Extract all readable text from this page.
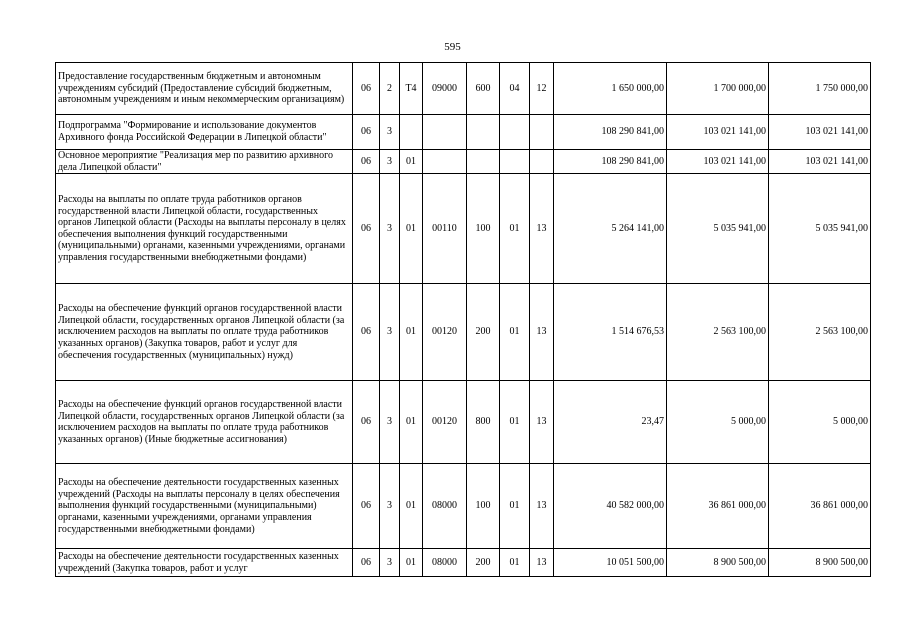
595
Предоставление государственным бюджетным и автономным учреждениям субсидий (Предоставление субсидий бюджетным, автономным учреждениям и иным некоммерческим организациям)	06	2	Т4	09000	600	04	12	1 650 000,00	1 700 000,00	1 750 000,00
Подпрограмма "Формирование и использование документов Архивного фонда Российской Федерации в Липецкой области"	06	3						108 290 841,00	103 021 141,00	103 021 141,00
Основное мероприятие "Реализация мер по развитию архивного дела Липецкой области"	06	3	01					108 290 841,00	103 021 141,00	103 021 141,00
Расходы на выплаты по оплате труда работников органов государственной власти Липецкой области, государственных органов Липецкой области (Расходы на выплаты персоналу в целях обеспечения выполнения функций государственными (муниципальными) органами, казенными учреждениями, органами управления государственными внебюджетными фондами)	06	3	01	00110	100	01	13	5 264 141,00	5 035 941,00	5 035 941,00
Расходы на обеспечение функций органов государственной власти Липецкой области, государственных органов Липецкой области (за исключением расходов на выплаты по оплате труда работников указанных органов) (Закупка товаров, работ и услуг для обеспечения государственных (муниципальных) нужд)	06	3	01	00120	200	01	13	1 514 676,53	2 563 100,00	2 563 100,00
Расходы на обеспечение функций органов государственной власти Липецкой области, государственных органов Липецкой области (за исключением расходов на выплаты по оплате труда работников указанных органов) (Иные бюджетные ассигнования)	06	3	01	00120	800	01	13	23,47	5 000,00	5 000,00
Расходы на обеспечение деятельности государственных казенных учреждений (Расходы на выплаты персоналу в целях обеспечения выполнения функций государственными (муниципальными) органами, казенными учреждениями, органами управления государственными внебюджетными фондами)	06	3	01	08000	100	01	13	40 582 000,00	36 861 000,00	36 861 000,00
Расходы на обеспечение деятельности государственных казенных учреждений (Закупка товаров, работ и услуг	06	3	01	08000	200	01	13	10 051 500,00	8 900 500,00	8 900 500,00
